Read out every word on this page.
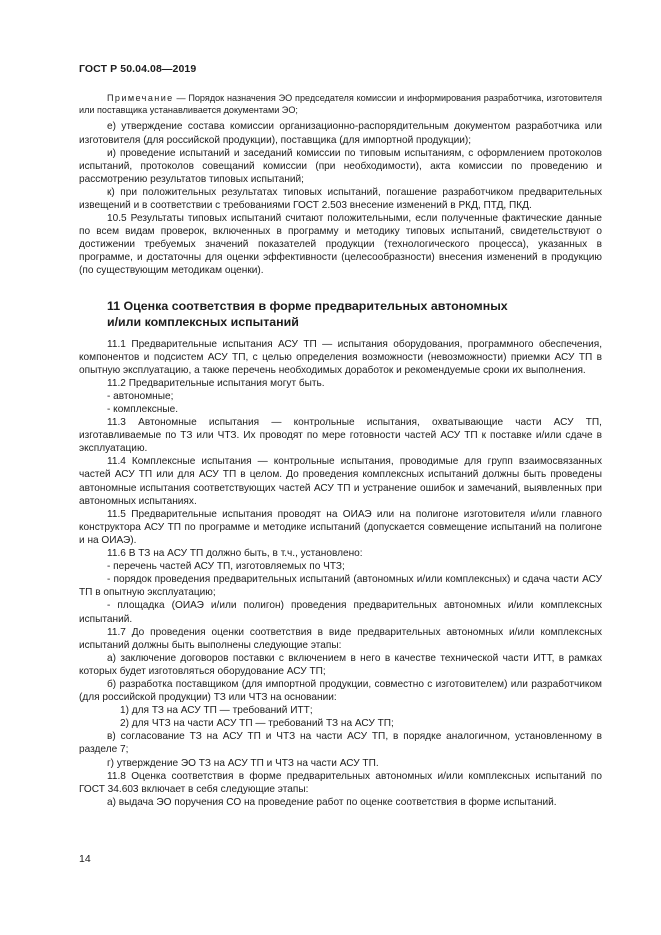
ГОСТ Р 50.04.08—2019

Примечание — Порядок назначения ЭО председателя комиссии и информирования разработчика, изготовителя или поставщика устанавливается документами ЭО;

е) утверждение состава комиссии организационно-распорядительным документом разработчика или изготовителя (для российской продукции), поставщика (для импортной продукции);

и) проведение испытаний и заседаний комиссии по типовым испытаниям, с оформлением протоколов испытаний, протоколов совещаний комиссии (при необходимости), акта комиссии по проведению и рассмотрению результатов типовых испытаний;

к) при положительных результатах типовых испытаний, погашение разработчиком предварительных извещений и в соответствии с требованиями ГОСТ 2.503 внесение изменений в РКД, ПТД, ПКД.

10.5 Результаты типовых испытаний считают положительными, если полученные фактические данные по всем видам проверок, включенных в программу и методику типовых испытаний, свидетельствуют о достижении требуемых значений показателей продукции (технологического процесса), указанных в программе, и достаточны для оценки эффективности (целесообразности) внесения изменений в продукцию (по существующим методикам оценки).

11 Оценка соответствия в форме предварительных автономных
и/или комплексных испытаний

11.1 Предварительные испытания АСУ ТП — испытания оборудования, программного обеспечения, компонентов и подсистем АСУ ТП, с целью определения возможности (невозможности) приемки АСУ ТП в опытную эксплуатацию, а также перечень необходимых доработок и рекомендуемые сроки их выполнения.

11.2 Предварительные испытания могут быть.

- автономные;

- комплексные.

11.3 Автономные испытания — контрольные испытания, охватывающие части АСУ ТП, изготавливаемые по ТЗ или ЧТЗ. Их проводят по мере готовности частей АСУ ТП к поставке и/или сдаче в эксплуатацию.

11.4 Комплексные испытания — контрольные испытания, проводимые для групп взаимосвязанных частей АСУ ТП или для АСУ ТП в целом. До проведения комплексных испытаний должны быть проведены автономные испытания соответствующих частей АСУ ТП и устранение ошибок и замечаний, выявленных при автономных испытаниях.

11.5 Предварительные испытания проводят на ОИАЭ или на полигоне изготовителя и/или главного конструктора АСУ ТП по программе и методике испытаний (допускается совмещение испытаний на полигоне и на ОИАЭ).

11.6 В ТЗ на АСУ ТП должно быть, в т.ч., установлено:

- перечень частей АСУ ТП, изготовляемых по ЧТЗ;

- порядок проведения предварительных испытаний (автономных и/или комплексных) и сдача части АСУ ТП в опытную эксплуатацию;

- площадка (ОИАЭ и/или полигон) проведения предварительных автономных и/или комплексных испытаний.

11.7 До проведения оценки соответствия в виде предварительных автономных и/или комплексных испытаний должны быть выполнены следующие этапы:

а) заключение договоров поставки с включением в него в качестве технической части ИТТ, в рамках которых будет изготовляться оборудование АСУ ТП;

б) разработка поставщиком (для импортной продукции, совместно с изготовителем) или разработчиком (для российской продукции) ТЗ или ЧТЗ на основании:

1) для ТЗ на АСУ ТП — требований ИТТ;

2) для ЧТЗ на части АСУ ТП — требований ТЗ на АСУ ТП;

в) согласование ТЗ на АСУ ТП и ЧТЗ на части АСУ ТП, в порядке аналогичном, установленному в разделе 7;

г) утверждение ЭО ТЗ на АСУ ТП и ЧТЗ на части АСУ ТП.

11.8 Оценка соответствия в форме предварительных автономных и/или комплексных испытаний по ГОСТ 34.603 включает в себя следующие этапы:

а) выдача ЭО поручения СО на проведение работ по оценке соответствия в форме испытаний.

14
